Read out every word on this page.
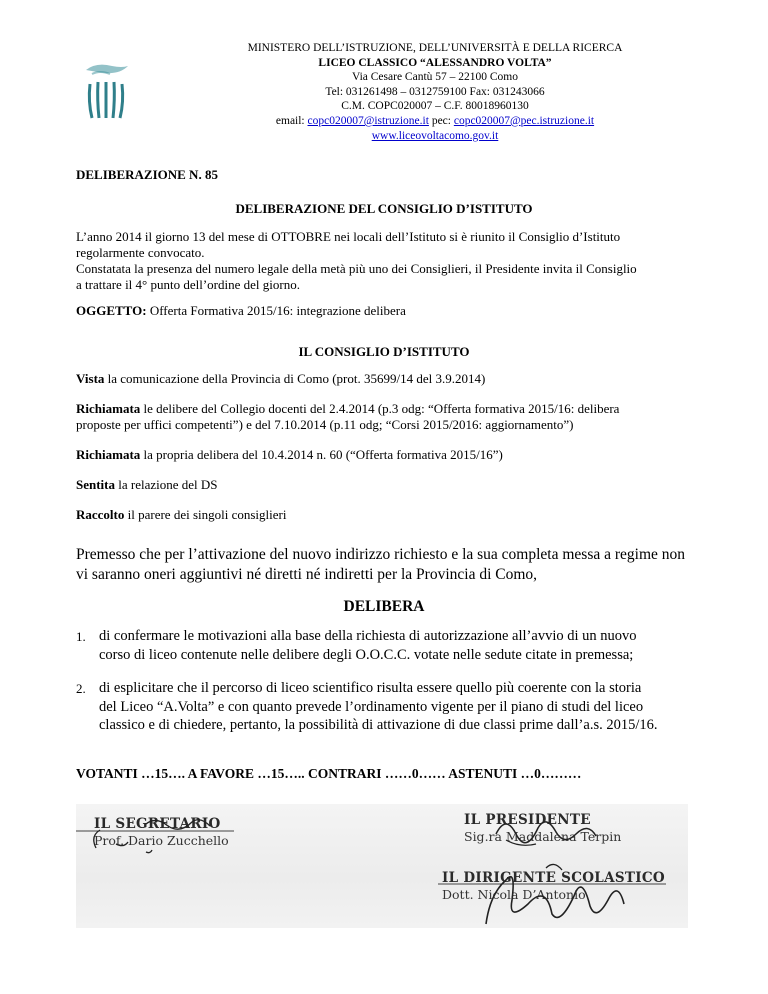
MINISTERO DELL’ISTRUZIONE, DELL’UNIVERSITÀ E DELLA RICERCA
LICEO CLASSICO “ALESSANDRO VOLTA”
Via Cesare Cantù 57 – 22100 Como
Tel: 031261498 – 0312759100 Fax: 031243066
C.M. COPC020007 – C.F. 80018960130
email: copc020007@istruzione.it pec: copc020007@pec.istruzione.it
www.liceovoltacomo.gov.it
DELIBERAZIONE N. 85
DELIBERAZIONE DEL CONSIGLIO D’ISTITUTO
L’anno 2014 il giorno 13 del mese di OTTOBRE nei locali dell’Istituto si è riunito il Consiglio d’Istituto
regolarmente convocato.
Constatata la presenza del numero legale della metà più uno dei Consiglieri, il Presidente invita il Consiglio
a trattare il 4° punto dell’ordine del giorno.
OGGETTO: Offerta Formativa 2015/16: integrazione delibera
IL CONSIGLIO D’ISTITUTO
Vista la comunicazione della Provincia di Como (prot. 35699/14 del 3.9.2014)
Richiamata le delibere del Collegio docenti del 2.4.2014 (p.3 odg: “Offerta formativa 2015/16: delibera
proposte per uffici competenti”) e del 7.10.2014 (p.11 odg; “Corsi 2015/2016: aggiornamento”)
Richiamata la propria delibera del 10.4.2014 n. 60 (“Offerta formativa 2015/16”)
Sentita la relazione del DS
Raccolto il parere dei singoli consiglieri
Premesso che per l’attivazione del nuovo indirizzo richiesto e la sua completa messa a regime non
vi saranno oneri aggiuntivi né diretti né indiretti per la Provincia di Como,
DELIBERA
1. di confermare le motivazioni alla base della richiesta di autorizzazione all’avvio di un nuovo
corso di liceo contenute nelle delibere degli O.O.C.C. votate nelle sedute citate in premessa;
2. di esplicitare che il percorso di liceo scientifico risulta essere quello più coerente con la storia
del Liceo “A.Volta” e con quanto prevede l’ordinamento vigente per il piano di studi del liceo
classico e di chiedere, pertanto, la possibilità di attivazione di due classi prime dall’a.s. 2015/16.
VOTANTI …15…. A FAVORE …15….. CONTRARI ……0…… ASTENUTI …0………
IL SEGRETARIO
Prof. Dario Zucchello
IL PRESIDENTE
Sig.ra Maddalena Terpin
IL DIRIGENTE SCOLASTICO
Dott. Nicola D’Antonio
